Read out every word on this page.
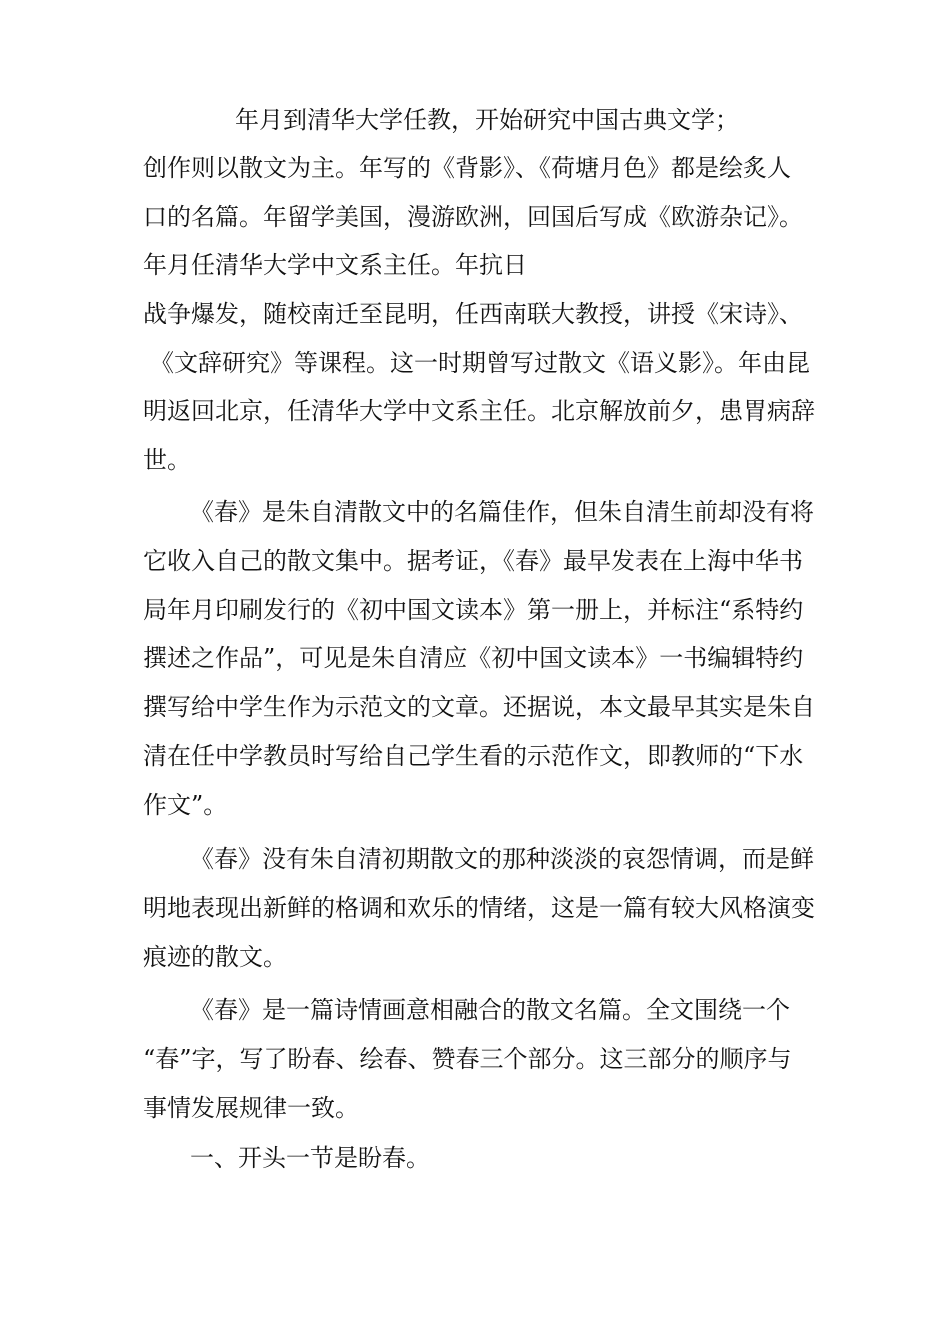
年月到清华大学任教，开始研究中国古典文学；
创作则以散文为主。年写的《背影》、《荷塘月色》都是绘炙人
口的名篇。年留学美国，漫游欧洲，回国后写成《欧游杂记》。
年月任清华大学中文系主任。年抗日
战争爆发，随校南迁至昆明，任西南联大教授，讲授《宋诗》、
《文辞研究》等课程。这一时期曾写过散文《语义影》。年由昆
明返回北京，任清华大学中文系主任。北京解放前夕，患胃病辞
世。
《春》是朱自清散文中的名篇佳作，但朱自清生前却没有将
它收入自己的散文集中。据考证，《春》最早发表在上海中华书
局年月印刷发行的《初中国文读本》第一册上，并标注“系特约
撰述之作品”，可见是朱自清应《初中国文读本》一书编辑特约
撰写给中学生作为示范文的文章。还据说，本文最早其实是朱自
清在任中学教员时写给自己学生看的示范作文，即教师的“下水
作文”。
《春》没有朱自清初期散文的那种淡淡的哀怨情调，而是鲜
明地表现出新鲜的格调和欢乐的情绪，这是一篇有较大风格演变
痕迹的散文。
《春》是一篇诗情画意相融合的散文名篇。全文围绕一个
“春”字，写了盼春、绘春、赞春三个部分。这三部分的顺序与
事情发展规律一致。
一、开头一节是盼春。
